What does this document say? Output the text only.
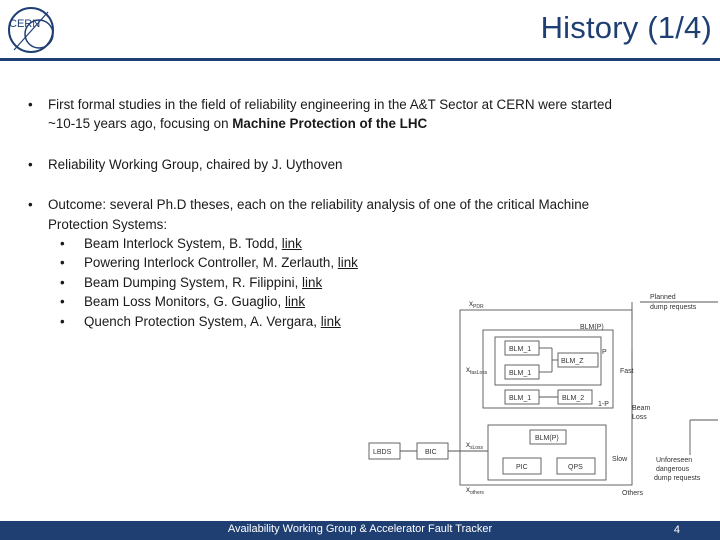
CERN	History (1/4)
• First formal studies in the field of reliability engineering in the A&T Sector at CERN were started ~10-15 years ago, focusing on Machine Protection of the LHC
• Reliability Working Group, chaired by J. Uythoven
• Outcome: several Ph.D theses, each on the reliability analysis of one of the critical Machine Protection Systems:
• Beam Interlock System, B. Todd, link
• Powering Interlock Controller, M. Zerlauth, link
• Beam Dumping System, R. Filippini, link
• Beam Loss Monitors, G. Guaglio, link
• Quench Protection System, A. Vergara, link
$x_{PDR}$
Planned
dump requests
BLM(P)
BLM_1
BLM_1
BLM_Z
BLM_1	BLM_2
P
1-P
Fast
$x_{fasLoss}$
Beam
Loss
$x_{sLoss}$
LBDS	BIC
BLM(P)
PIC	QPS
Slow	Unforeseen
dangerous
dump requests
$x_{others}$	Others
Availability Working Group & Accelerator Fault Tracker	4
